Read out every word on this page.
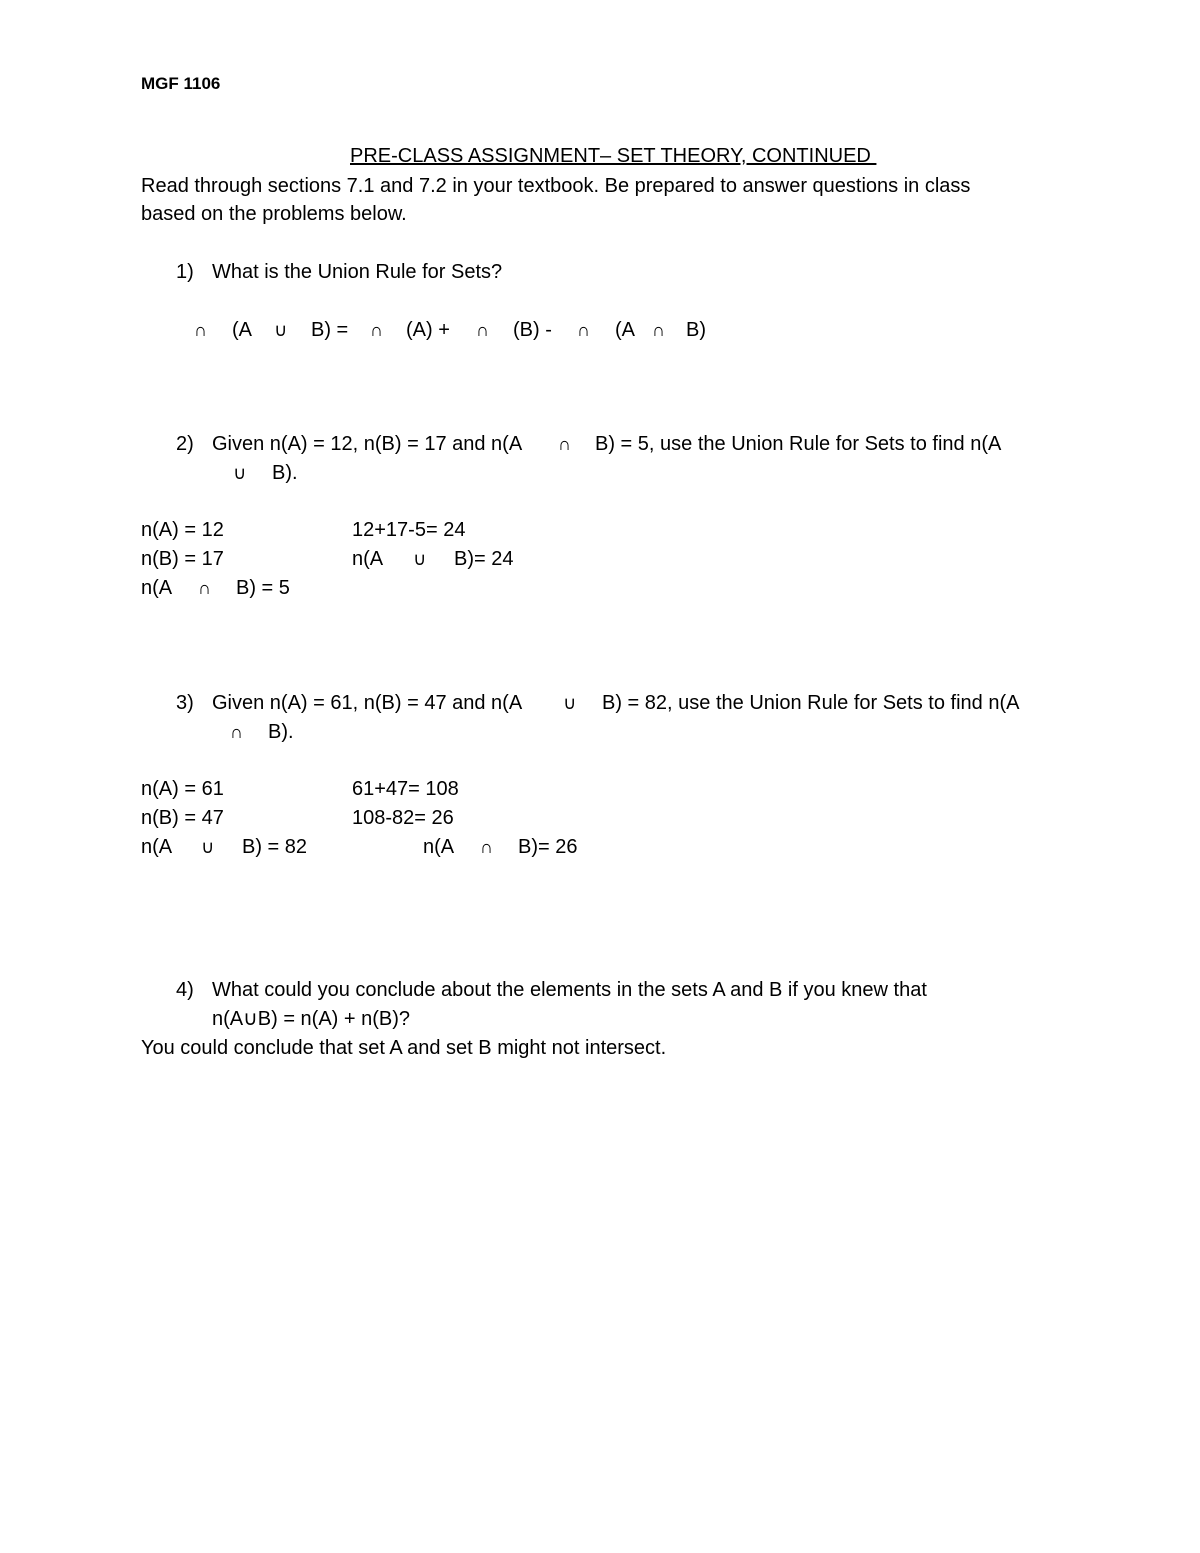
MGF 1106
PRE-CLASS ASSIGNMENT– SET THEORY, CONTINUED
Read through sections 7.1 and 7.2 in your textbook. Be prepared to answer questions in class
based on the problems below.
1) What is the Union Rule for Sets?
∩ (A ∪ B) = ∩ (A) + ∩ (B) - ∩ (A ∩ B)
2) Given n(A) = 12, n(B) = 17 and n(A ∩ B) = 5, use the Union Rule for Sets to find n(A
∪ B).
n(A) = 12
n(B) = 17
n(A ∩ B) = 5
12+17-5= 24
n(A ∪ B)= 24
3) Given n(A) = 61, n(B) = 47 and n(A ∪ B) = 82, use the Union Rule for Sets to find n(A
∩ B).
n(A) = 61
n(B) = 47
n(A ∪ B) = 82
61+47= 108
108-82= 26
n(A ∩ B)= 26
4) What could you conclude about the elements in the sets A and B if you knew that
n(A∪B) = n(A) + n(B)?
You could conclude that set A and set B might not intersect.
